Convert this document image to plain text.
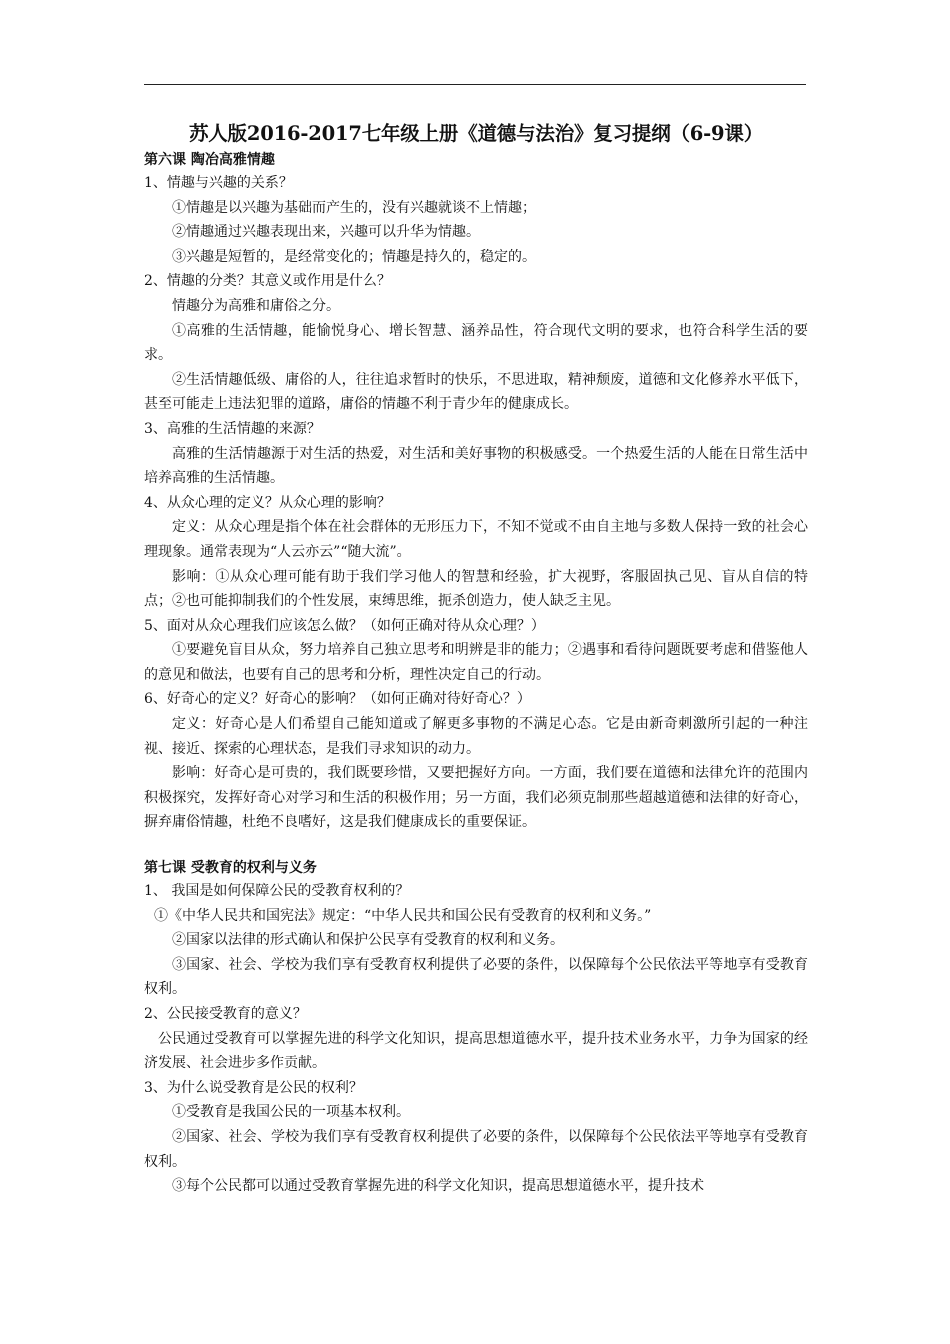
苏人版2016-2017七年级上册《道德与法治》复习提纲（6-9课）
第六课 陶冶高雅情趣
1、情趣与兴趣的关系？
①情趣是以兴趣为基础而产生的，没有兴趣就谈不上情趣；
②情趣通过兴趣表现出来，兴趣可以升华为情趣。
③兴趣是短暂的，是经常变化的；情趣是持久的，稳定的。
2、情趣的分类？其意义或作用是什么？
情趣分为高雅和庸俗之分。
①高雅的生活情趣，能愉悦身心、增长智慧、涵养品性，符合现代文明的要求，也符合科学生活的要求。
②生活情趣低级、庸俗的人，往往追求暂时的快乐，不思进取，精神颓废，道德和文化修养水平低下，甚至可能走上违法犯罪的道路，庸俗的情趣不利于青少年的健康成长。
3、高雅的生活情趣的来源？
高雅的生活情趣源于对生活的热爱，对生活和美好事物的积极感受。一个热爱生活的人能在日常生活中培养高雅的生活情趣。
4、从众心理的定义？从众心理的影响？
定义：从众心理是指个体在社会群体的无形压力下，不知不觉或不由自主地与多数人保持一致的社会心理现象。通常表现为“人云亦云”“随大流”。
影响：①从众心理可能有助于我们学习他人的智慧和经验，扩大视野，客服固执己见、盲从自信的特点；②也可能抑制我们的个性发展，束缚思维，扼杀创造力，使人缺乏主见。
5、面对从众心理我们应该怎么做？（如何正确对待从众心理？）
①要避免盲目从众，努力培养自己独立思考和明辨是非的能力；②遇事和看待问题既要考虑和借鉴他人的意见和做法，也要有自己的思考和分析，理性决定自己的行动。
6、好奇心的定义？好奇心的影响？（如何正确对待好奇心？）
定义：好奇心是人们希望自己能知道或了解更多事物的不满足心态。它是由新奇刺激所引起的一种注视、接近、探索的心理状态，是我们寻求知识的动力。
影响：好奇心是可贵的，我们既要珍惜，又要把握好方向。一方面，我们要在道德和法律允许的范围内积极探究，发挥好奇心对学习和生活的积极作用；另一方面，我们必须克制那些超越道德和法律的好奇心，摒弃庸俗情趣，杜绝不良嗜好，这是我们健康成长的重要保证。
第七课 受教育的权利与义务
1、 我国是如何保障公民的受教育权利的？
①《中华人民共和国宪法》规定：“中华人民共和国公民有受教育的权利和义务。”
②国家以法律的形式确认和保护公民享有受教育的权利和义务。
③国家、社会、学校为我们享有受教育权利提供了必要的条件，以保障每个公民依法平等地享有受教育权利。
2、公民接受教育的意义？
公民通过受教育可以掌握先进的科学文化知识，提高思想道德水平，提升技术业务水平，力争为国家的经济发展、社会进步多作贡献。
3、为什么说受教育是公民的权利？
①受教育是我国公民的一项基本权利。
②国家、社会、学校为我们享有受教育权利提供了必要的条件，以保障每个公民依法平等地享有受教育权利。
③每个公民都可以通过受教育掌握先进的科学文化知识，提高思想道德水平，提升技术
